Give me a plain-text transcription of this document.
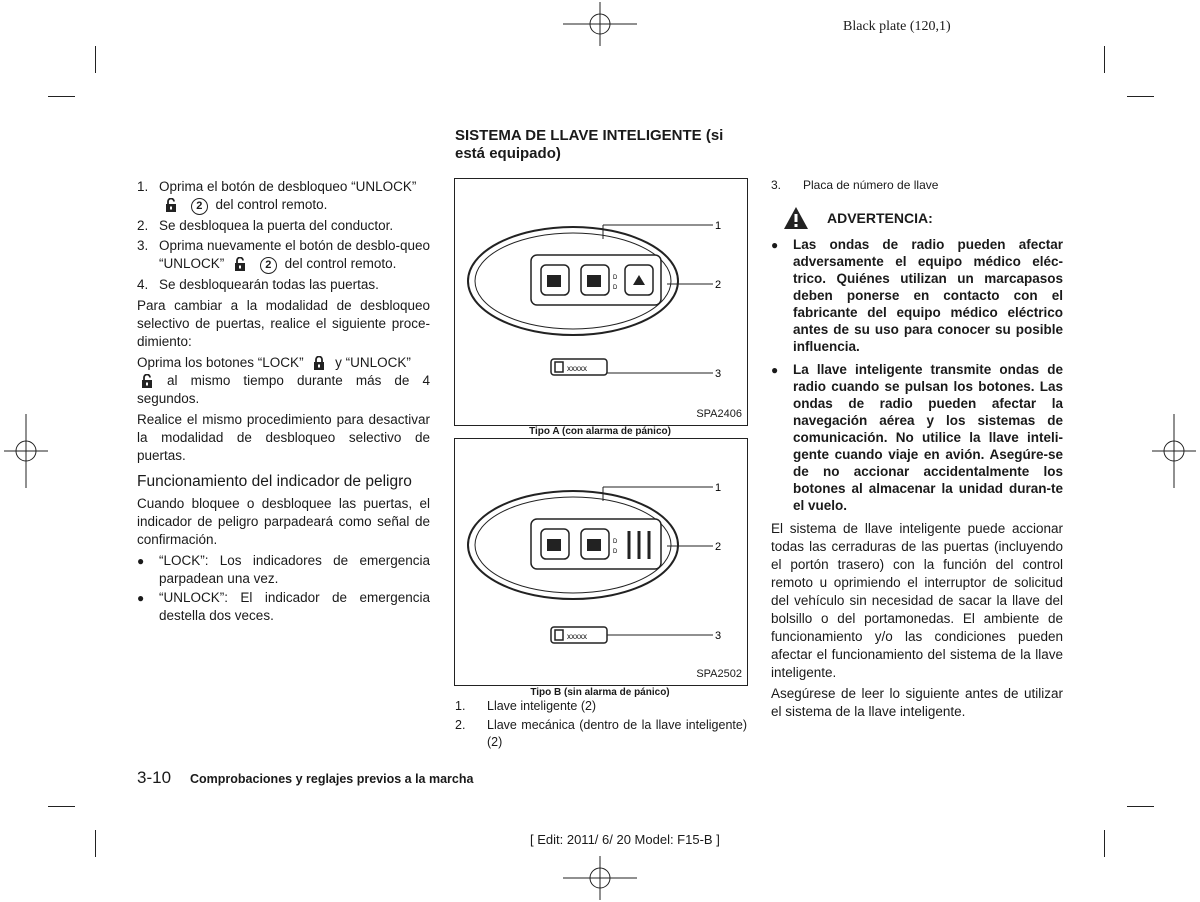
Black plate (120,1)
SISTEMA DE LLAVE INTELIGENTE (si está equipado)
1. Oprima el botón de desbloqueo “UNLOCK”
2 del control remoto.
2. Se desbloquea la puerta del conductor.
3. Oprima nuevamente el botón de desblo-queo “UNLOCK”	2 del control remoto.
4. Se desbloquearán todas las puertas.

Para cambiar a la modalidad de desbloqueo selectivo de puertas, realice el siguiente proce-dimiento:

Oprima los botones “LOCK” y “UNLOCK”
al mismo tiempo durante más de 4 segundos.

Realice el mismo procedimiento para desactivar la modalidad de desbloqueo selectivo de puertas.

Funcionamiento del indicador de peligro

Cuando bloquee o desbloquee las puertas, el indicador de peligro parpadeará como señal de confirmación.

●	“LOCK”: Los indicadores de emergencia parpadean una vez.
●	“UNLOCK”: El indicador de emergencia destella dos veces.
D
D
xxxxx
1
2
3
SPA2406
Tipo A (con alarma de pánico)
D
D
xxxxx
1
2
3
SPA2502
Tipo B (sin alarma de pánico)
1.	Llave inteligente (2)
2.	Llave mecánica (dentro de la llave inteligente) (2)
3.	Placa de número de llave
ADVERTENCIA:
●	Las ondas de radio pueden afectar adversamente el equipo médico eléc-trico. Quiénes utilizan un marcapasos deben ponerse en contacto con el fabricante del equipo médico eléctrico antes de su uso para conocer su posible influencia.
●	La llave inteligente transmite ondas de radio cuando se pulsan los botones. Las ondas de radio pueden afectar la navegación aérea y los sistemas de comunicación. No utilice la llave inteli-gente cuando viaje en avión. Asegúre-se de no accionar accidentalmente los botones al almacenar la unidad duran-te el vuelo.

El sistema de llave inteligente puede accionar todas las cerraduras de las puertas (incluyendo el portón trasero) con la función del control remoto u oprimiendo el interruptor de solicitud del vehículo sin necesidad de sacar la llave del bolsillo o del portamonedas. El ambiente de funcionamiento y/o las condiciones pueden afectar el funcionamiento del sistema de la llave inteligente.

Asegúrese de leer lo siguiente antes de utilizar el sistema de la llave inteligente.

3-10 Comprobaciones y reglajes previos a la marcha
[ Edit: 2011/ 6/ 20 Model: F15-B ]
